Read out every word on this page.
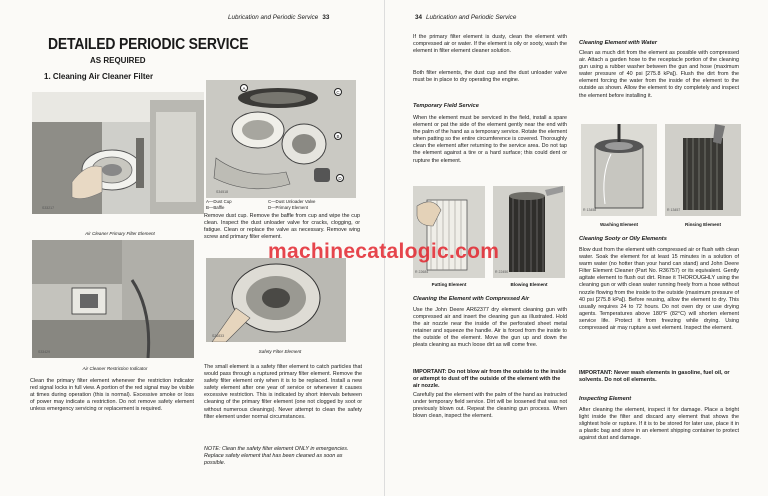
Lubrication and Periodic Service 33
DETAILED PERIODIC SERVICE
AS REQUIRED
1. Cleaning Air Cleaner Filter
S33217
Air Cleaner Primary Filter Element
A
B
C
D
S34518
A—Dust Cup
B—Baffle
C—Dust Unloader Valve
D—Primary Element
Remove dust cup. Remove the baffle from cup and wipe the cup clean. Inspect the dust unloader valve for cracks, clogging, or fatigue. Clean or replace the valve as necessary. Remove wing screw and primary filter element.
S33429
Air Cleaner Restriction Indicator
S26833
Safety Filter Element
Clean the primary filter element whenever the restriction indicator red signal locks in full view. A portion of the red signal may be visible at times during operation (this is normal). Excessive smoke or loss of power may indicate a restriction. Do not remove safety element unless emergency servicing or replacement is required.
The small element is a safety filter element to catch particles that would pass through a ruptured primary filter element. Remove the safety filter element only when it is to be replaced. Install a new safety element after one year of service or whenever it causes excessive restriction. This is indicated by short intervals between cleaning of the primary filter element (one not clogged by soot or without numerous cleanings). Never attempt to clean the safety filter element under normal circumstances.
NOTE: Clean the safety filter element ONLY in emergencies. Replace safety element that has been cleaned as soon as possible.
34 Lubrication and Periodic Service
If the primary filter element is dusty, clean the element with compressed air or water. If the element is oily or sooty, wash the element in filter element cleaner solution.
Both filter elements, the dust cup and the dust unloader valve must be in place to dry operating the engine.
Temporary Field Service
When the element must be serviced in the field, install a spare element or pat the side of the element gently near the end with the palm of the hand as a temporary service. Rotate the element when patting so the entire circumference is covered. Thoroughly clean the element after returning to the service area. Do not tap the element against a tire or a hard surface; this could dent or rupture the element.
R 22684	R 22450
Patting Element	Blowing Element
Cleaning the Element with Compressed Air
Use the John Deere AR62377 dry element cleaning gun with compressed air and insert the cleaning gun as illustrated. Hold the air nozzle near the inside of the perforated sheet metal retainer and squeeze the handle. Air is forced from the inside to the outside of the element. Move the gun up and down the pleats cleaning as much loose dirt as will come free.
IMPORTANT: Do not blow air from the outside to the inside or attempt to dust off the outside of the element with the air nozzle.
Carefully pat the element with the palm of the hand as instructed under temporary field service. Dirt will be loosened that was not previously blown out. Repeat the cleaning gun process. When blown clean, inspect the element.
Cleaning Element with Water
Clean as much dirt from the element as possible with compressed air. Attach a garden hose to the receptacle portion of the cleaning gun using a rubber washer between the gun and hose (maximum water pressure of 40 psi [275.8 kPa]). Flush the dirt from the element forcing the water from the inside of the element to the outside as shown. Allow the element to dry completely and inspect the element before installing it.
R 13458	R 13457
Washing Element	Rinsing Element
Cleaning Sooty or Oily Elements
Blow dust from the element with compressed air or flush with clean water. Soak the element for at least 15 minutes in a solution of warm water (no hotter than your hand can stand) and John Deere Filter Element Cleaner (Part No. R36757) or its equivalent. Gently agitate element to flush out dirt. Rinse it THOROUGHLY using the cleaning gun or with clean water running freely from a hose without nozzle flowing from the inside to the outside (maximum pressure of 40 psi [275.8 kPa]). Before reusing, allow the element to dry. This usually requires 24 to 72 hours. Do not oven dry or use drying agents. Temperatures above 180°F (82°C) will shorten element service life. Protect it from freezing while drying. Using compressed air may rupture a wet element. Inspect the element.
IMPORTANT: Never wash elements in gasoline, fuel oil, or solvents. Do not oil elements.
Inspecting Element
After cleaning the element, inspect it for damage. Place a bright light inside the filter and discard any element that shows the slightest hole or rupture. If it is to be stored for later use, place it in a plastic bag and store in an element shipping container to protect against dust and damage.
machinecatalogic.com
